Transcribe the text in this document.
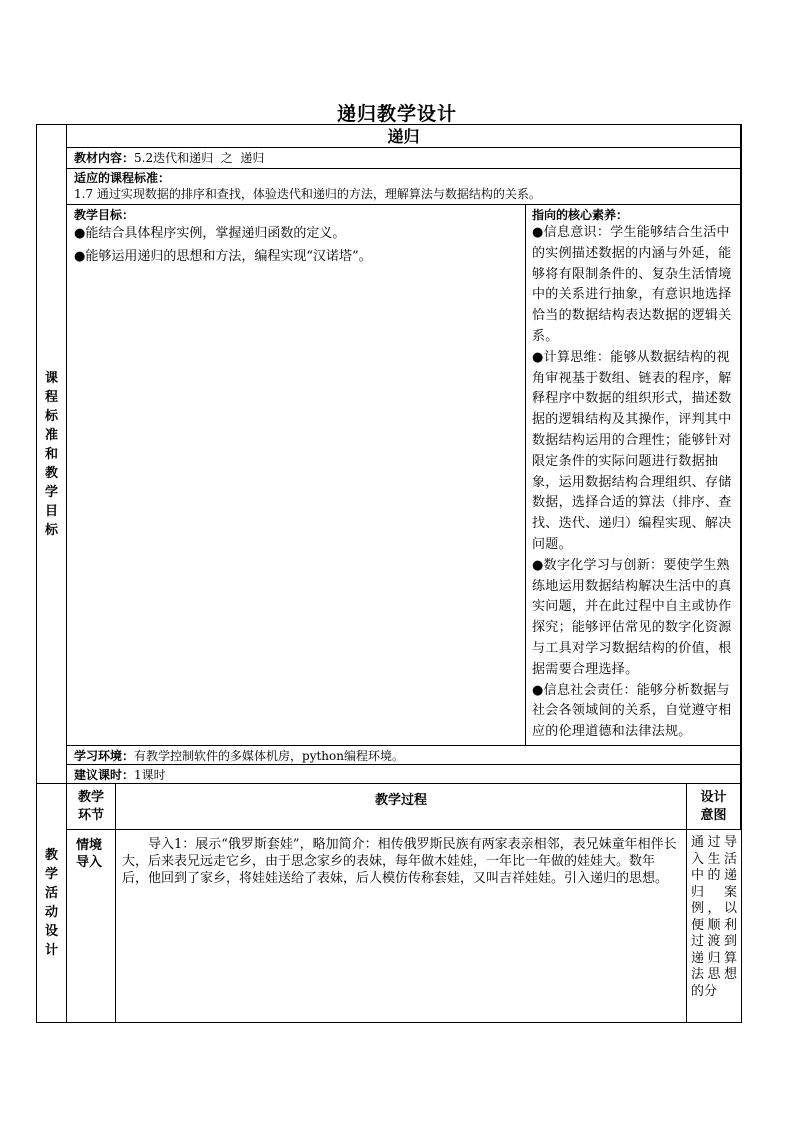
递归教学设计
课程标准和教学目标
递归
教材内容：5.2迭代和递归  之  递归
适应的课程标准：
1.7 通过实现数据的排序和查找，体验迭代和递归的方法，理解算法与数据结构的关系。
教学目标：
●能结合具体程序实例，掌握递归函数的定义。
●能够运用递归的思想和方法，编程实现“汉诺塔”。
指向的核心素养：
●信息意识：学生能够结合生活中的实例描述数据的内涵与外延，能够将有限制条件的、复杂生活情境中的关系进行抽象，有意识地选择恰当的数据结构表达数据的逻辑关系。
●计算思维：能够从数据结构的视角审视基于数组、链表的程序，解释程序中数据的组织形式，描述数据的逻辑结构及其操作，评判其中数据结构运用的合理性；能够针对限定条件的实际问题进行数据抽象，运用数据结构合理组织、存储数据，选择合适的算法（排序、查找、迭代、递归）编程实现、解决问题。
●数字化学习与创新：要使学生熟练地运用数据结构解决生活中的真实问题，并在此过程中自主或协作探究；能够评估常见的数字化资源与工具对学习数据结构的价值，根据需要合理选择。
●信息社会责任：能够分析数据与社会各领域间的关系，自觉遵守相应的伦理道德和法律法规。
学习环境：有教学控制软件的多媒体机房，python编程环境。
建议课时：1课时
教学活动设计
教学环节
教学过程	设计意图
情境导入
导入1：展示“俄罗斯套娃”，略加简介：相传俄罗斯民族有两家表亲相邻，表兄妹童年相伴长大，后来表兄远走它乡，由于思念家乡的表妹，每年做木娃娃，一年比一年做的娃娃大。数年后，他回到了家乡，将娃娃送给了表妹，后人模仿传称套娃，又叫吉祥娃娃。引入递归的思想。
通过导入生活中的递归案例，以便顺利过渡到递归算法思想的分
